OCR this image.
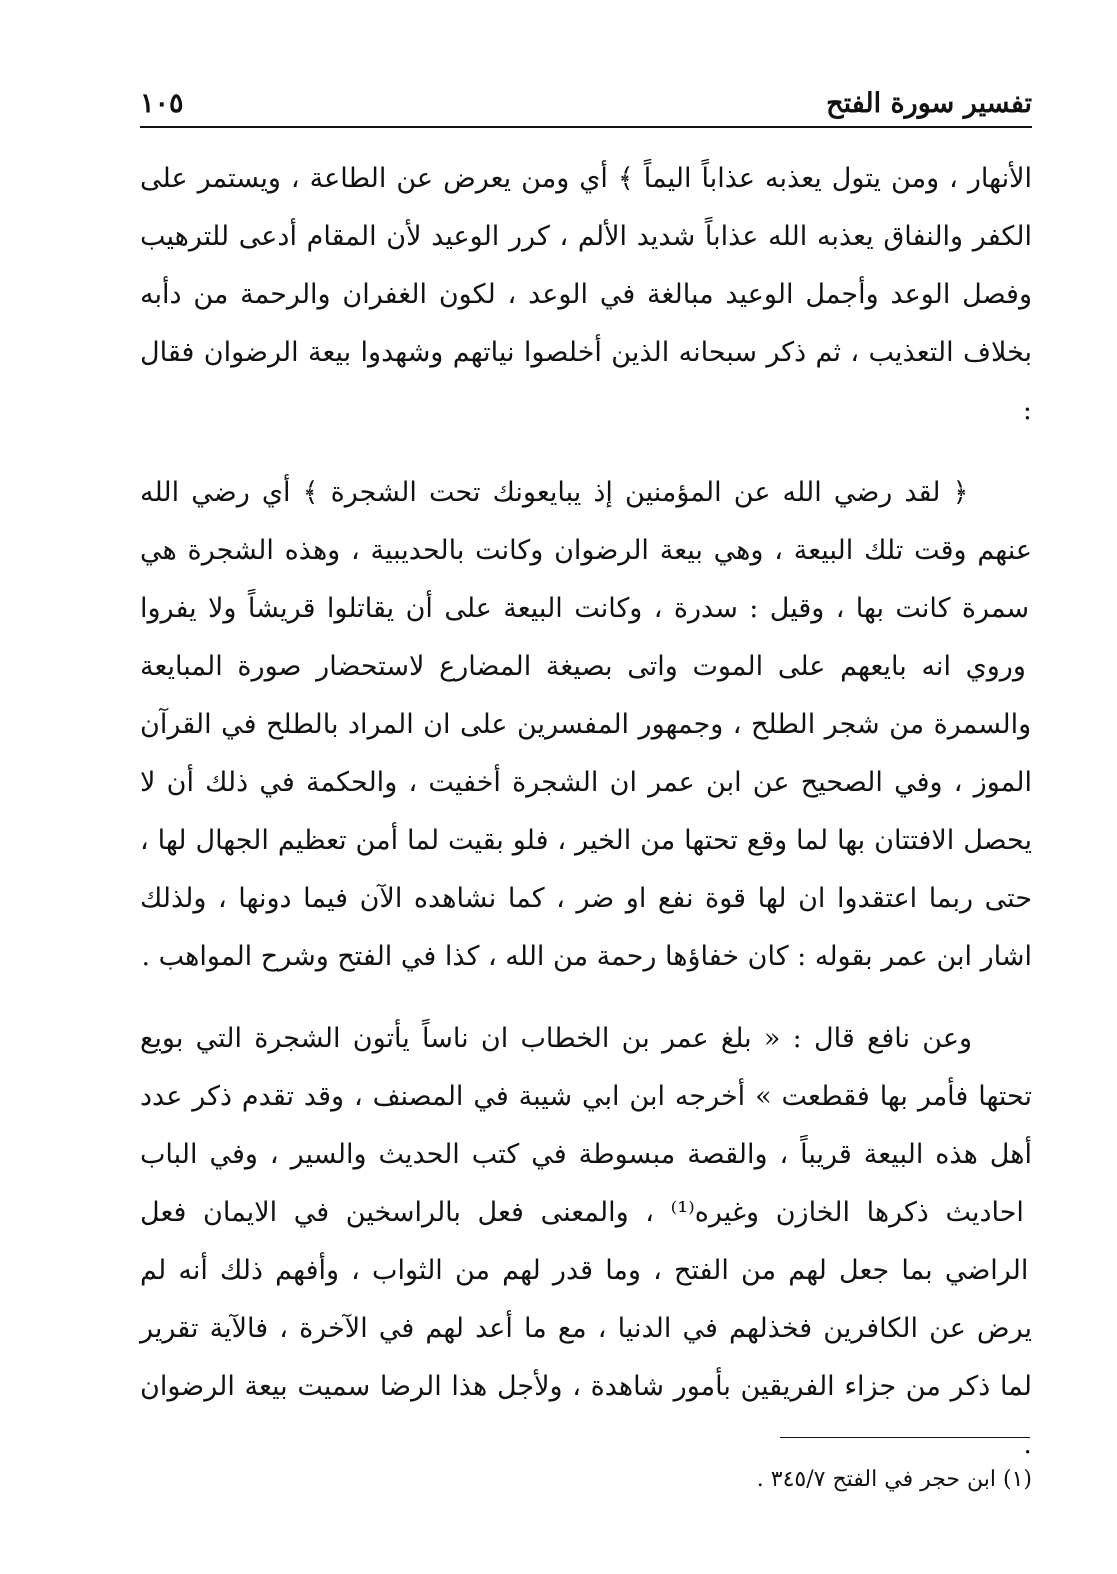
تفسير سورة الفتح
١٠٥

الأنهار ، ومن يتول يعذبه عذاباً اليماً ﴾ أي ومن يعرض عن الطاعة ، ويستمر على الكفر والنفاق يعذبه الله عذاباً شديد الألم ، كرر الوعيد لأن المقام أدعى للترهيب وفصل الوعد وأجمل الوعيد مبالغة في الوعد ، لكون الغفران والرحمة من دأبه بخلاف التعذيب ، ثم ذكر سبحانه الذين أخلصوا نياتهم وشهدوا بيعة الرضوان فقال :

﴿ لقد رضي الله عن المؤمنين إذ يبايعونك تحت الشجرة ﴾ أي رضي الله عنهم وقت تلك البيعة ، وهي بيعة الرضوان وكانت بالحديبية ، وهذه الشجرة هي سمرة كانت بها ، وقيل : سدرة ، وكانت البيعة على أن يقاتلوا قريشاً ولا يفروا وروي انه بايعهم على الموت واتى بصيغة المضارع لاستحضار صورة المبايعة والسمرة من شجر الطلح ، وجمهور المفسرين على ان المراد بالطلح في القرآن الموز ، وفي الصحيح عن ابن عمر ان الشجرة أخفيت ، والحكمة في ذلك أن لا يحصل الافتتان بها لما وقع تحتها من الخير ، فلو بقيت لما أمن تعظيم الجهال لها ، حتى ربما اعتقدوا ان لها قوة نفع او ضر ، كما نشاهده الآن فيما دونها ، ولذلك اشار ابن عمر بقوله : كان خفاؤها رحمة من الله ، كذا في الفتح وشرح المواهب .

وعن نافع قال : « بلغ عمر بن الخطاب ان ناساً يأتون الشجرة التي بويع تحتها فأمر بها فقطعت » أخرجه ابن ابي شيبة في المصنف ، وقد تقدم ذكر عدد أهل هذه البيعة قريباً ، والقصة مبسوطة في كتب الحديث والسير ، وفي الباب احاديث ذكرها الخازن وغيره⁽¹⁾ ، والمعنى فعل بالراسخين في الايمان فعل الراضي بما جعل لهم من الفتح ، وما قدر لهم من الثواب ، وأفهم ذلك أنه لم يرض عن الكافرين فخذلهم في الدنيا ، مع ما أعد لهم في الآخرة ، فالآية تقرير لما ذكر من جزاء الفريقين بأمور شاهدة ، ولأجل هذا الرضا سميت بيعة الرضوان .

(١) ابن حجر في الفتح ٣٤٥/٧ .
